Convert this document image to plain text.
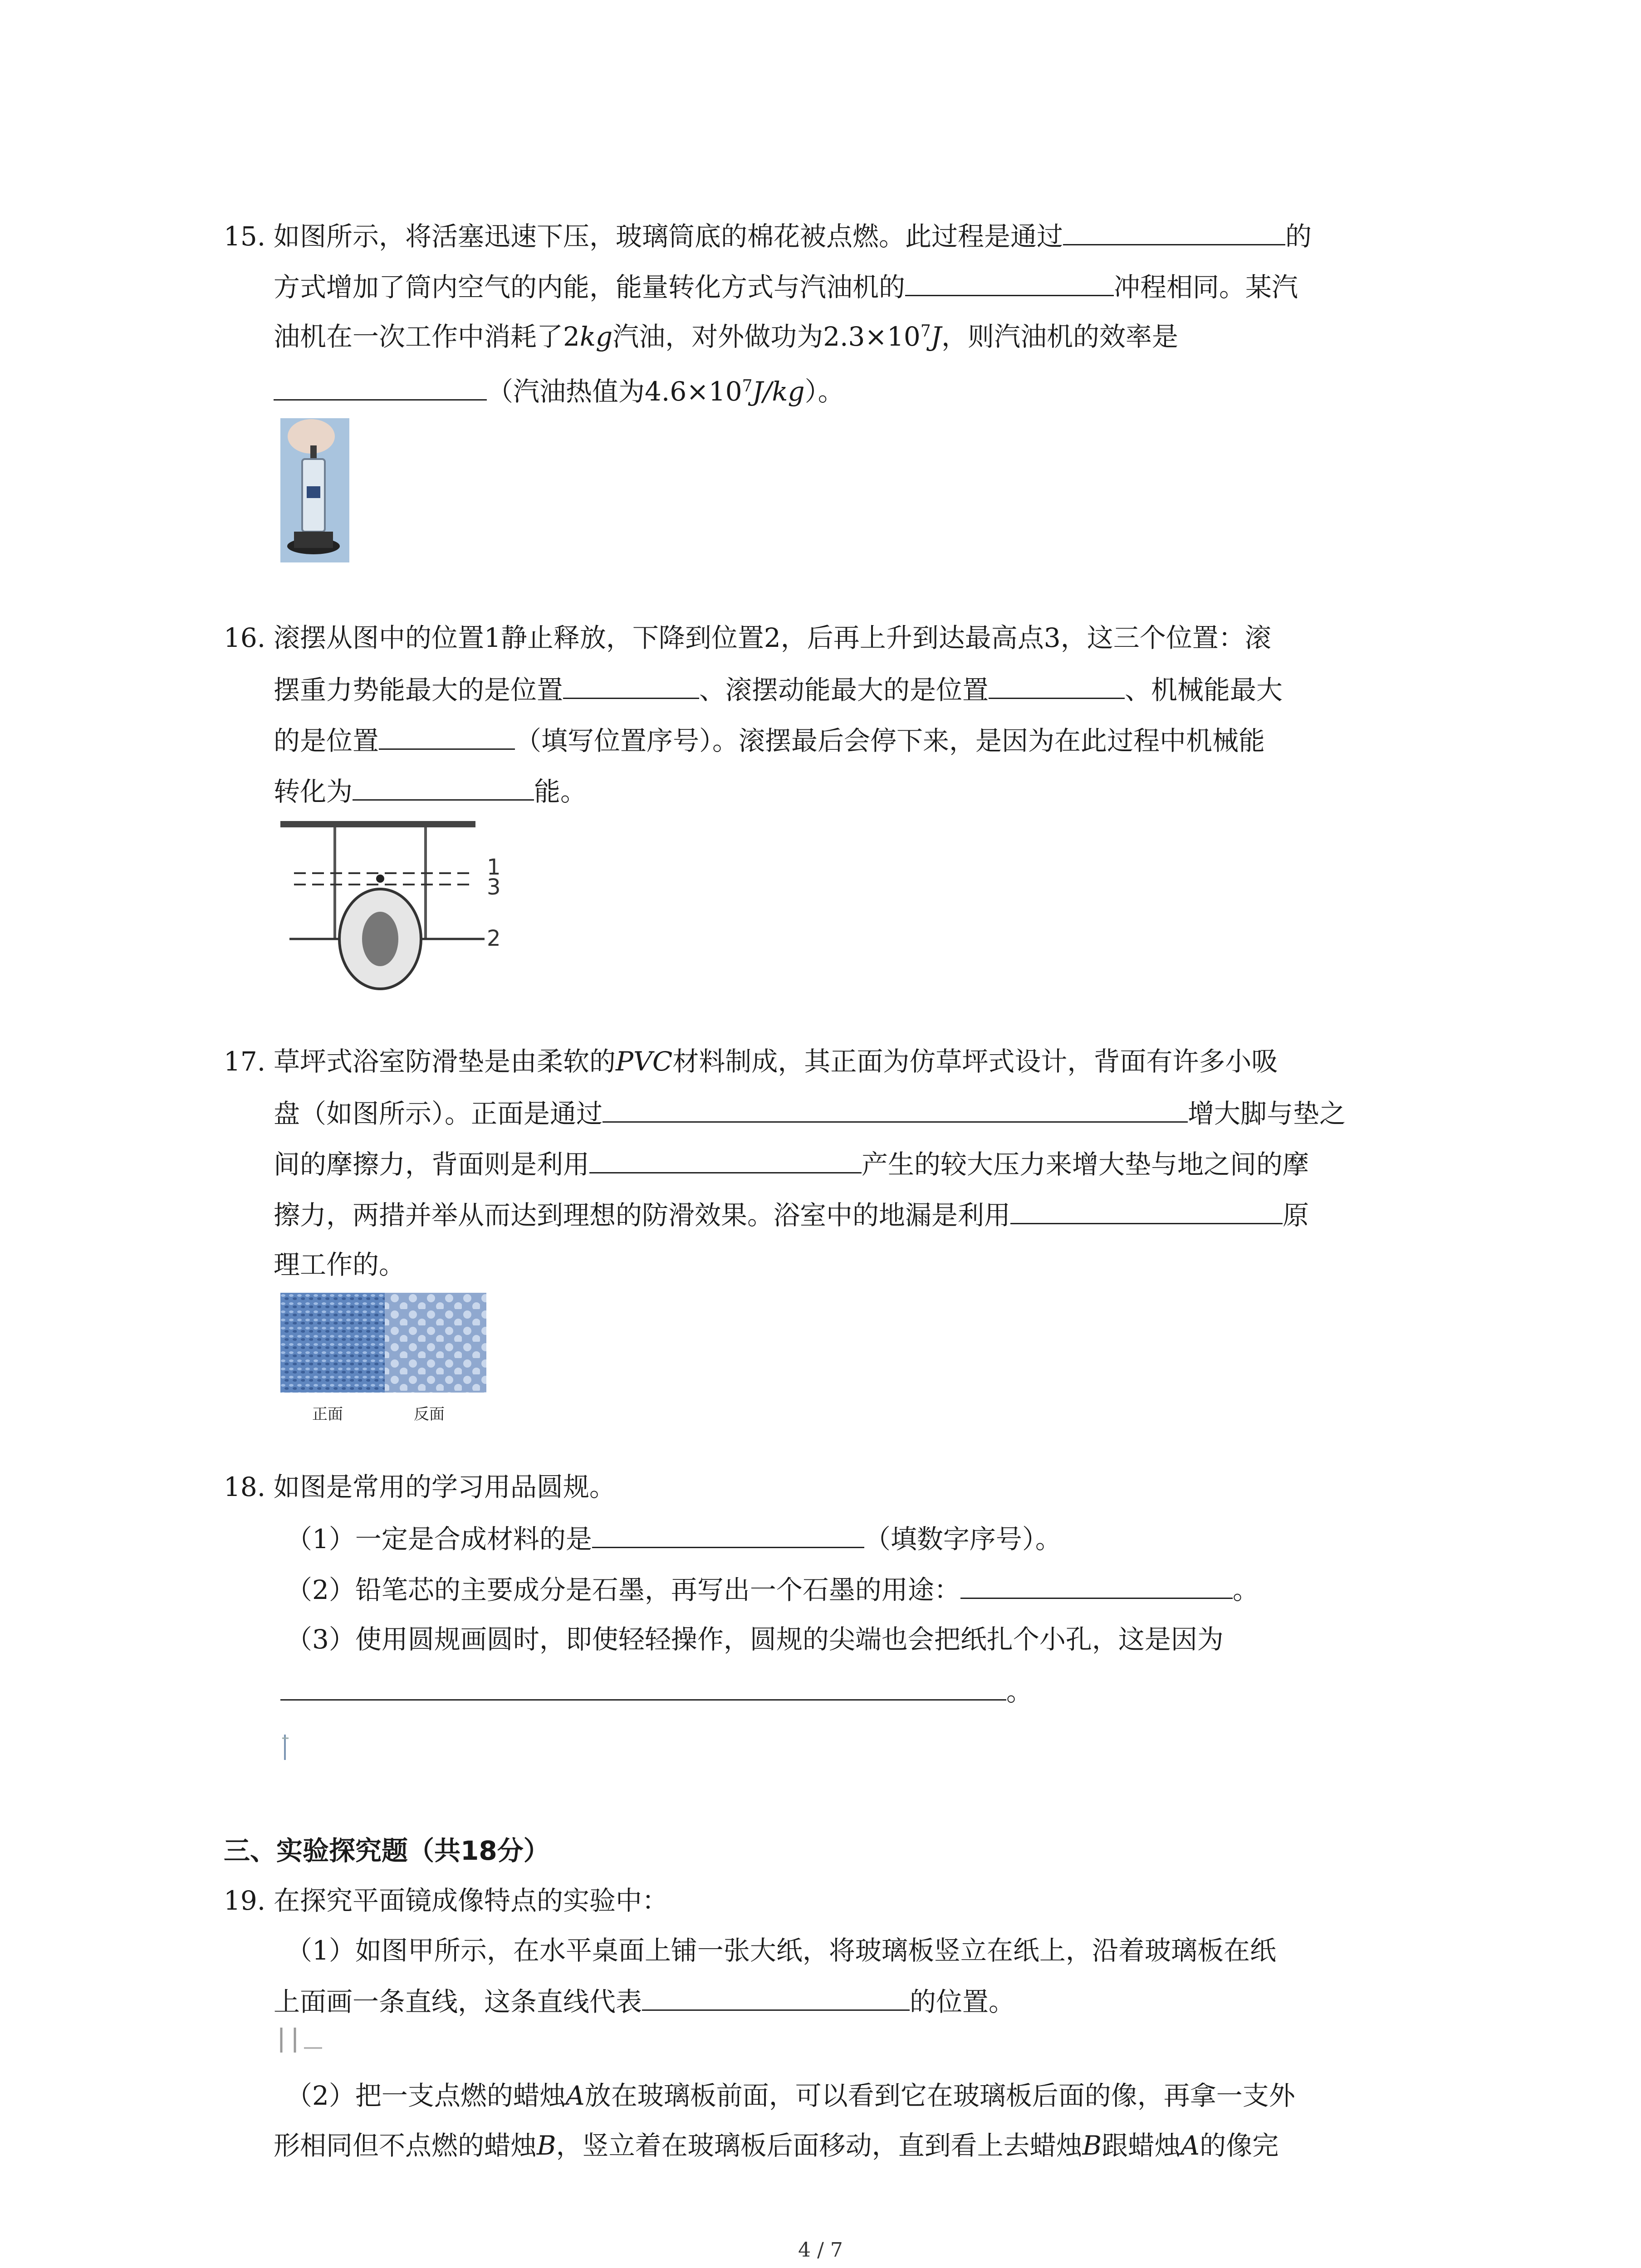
15. 如图所示，将活塞迅速下压，玻璃筒底的棉花被点燃。此过程是通过	的
方式增加了筒内空气的内能，能量转化方式与汽油机的	冲程相同。某汽
油机在一次工作中消耗了2kg汽油，对外做功为$2.3\times 10^7J$，则汽油机的效率是
（汽油热值为$4.6\times 10^7J/kg$）。
16. 滚摆从图中的位置1静止释放，下降到位置2，后再上升到达最高点3，这三个位置：滚
摆重力势能最大的是位置	、滚摆动能最大的是位置	、机械能最大
的是位置	（填写位置序号）。滚摆最后会停下来，是因为在此过程中机械能
转化为	能。
1
3
2
17. 草坪式浴室防滑垫是由柔软的PVC材料制成，其正面为仿草坪式设计，背面有许多小吸
盘（如图所示）。正面是通过	增大脚与垫之
间的摩擦力，背面则是利用	产生的较大压力来增大垫与地之间的摩
擦力，两措并举从而达到理想的防滑效果。浴室中的地漏是利用	原
理工作的。
正面	反面
18. 如图是常用的学习用品圆规。
（1）一定是合成材料的是	（填数字序号）。
（2）铅笔芯的主要成分是石墨，再写出一个石墨的用途：	。
（3）使用圆规画圆时，即使轻轻操作，圆规的尖端也会把纸扎个小孔，这是因为
。
三、实验探究题（共18分）
19. 在探究平面镜成像特点的实验中：
（1）如图甲所示，在水平桌面上铺一张大纸，将玻璃板竖立在纸上，沿着玻璃板在纸
上面画一条直线，这条直线代表	的位置。
（2）把一支点燃的蜡烛A放在玻璃板前面，可以看到它在玻璃板后面的像，再拿一支外
形相同但不点燃的蜡烛B，竖立着在玻璃板后面移动，直到看上去蜡烛B跟蜡烛A的像完
4 / 7
